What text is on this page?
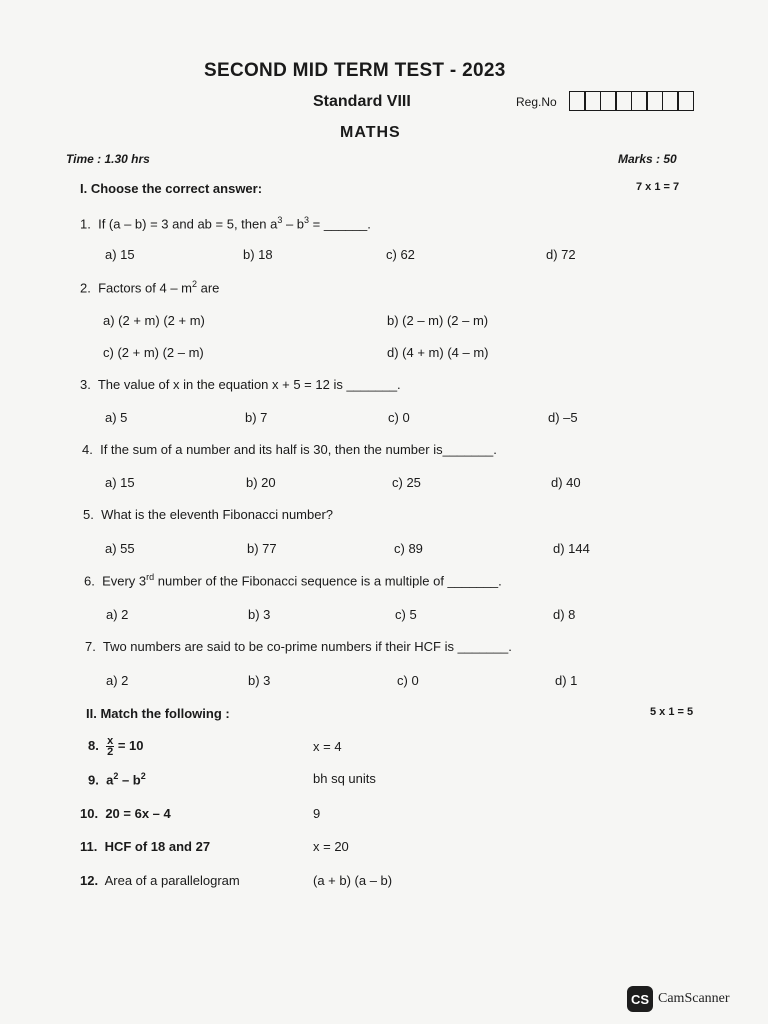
SECOND MID TERM TEST - 2023
Standard VIII	Reg.No
MATHS
Time : 1.30 hrs	Marks : 50
I. Choose the correct answer:	7 x 1 = 7
1. If (a – b) = 3 and ab = 5, then $a^3 - b^3$ = ______.
a) 15	b) 18	c) 62	d) 72
2. Factors of $4 - m^2$ are
a) (2 + m) (2 + m)	b) (2 – m) (2 – m)
c) (2 + m) (2 – m)	d) (4 + m) (4 – m)
3. The value of x in the equation x + 5 = 12 is _______.
a) 5	b) 7	c) 0	d) –5
4. If the sum of a number and its half is 30, then the number is_______.
a) 15	b) 20	c) 25	d) 40
5. What is the eleventh Fibonacci number?
a) 55	b) 77	c) 89	d) 144
6. Every 3rd number of the Fibonacci sequence is a multiple of _______.
a) 2	b) 3	c) 5	d) 8
7. Two numbers are said to be co-prime numbers if their HCF is _______.
a) 2	b) 3	c) 0	d) 1
II. Match the following :	5 x 1 = 5
8. $\frac{x}{2} = 10$	x = 4
9. $a^2 - b^2$	bh sq units
10. 20 = 6x – 4	9
11. HCF of 18 and 27	x = 20
12. Area of a parallelogram	(a + b) (a – b)
CS CamScanner
